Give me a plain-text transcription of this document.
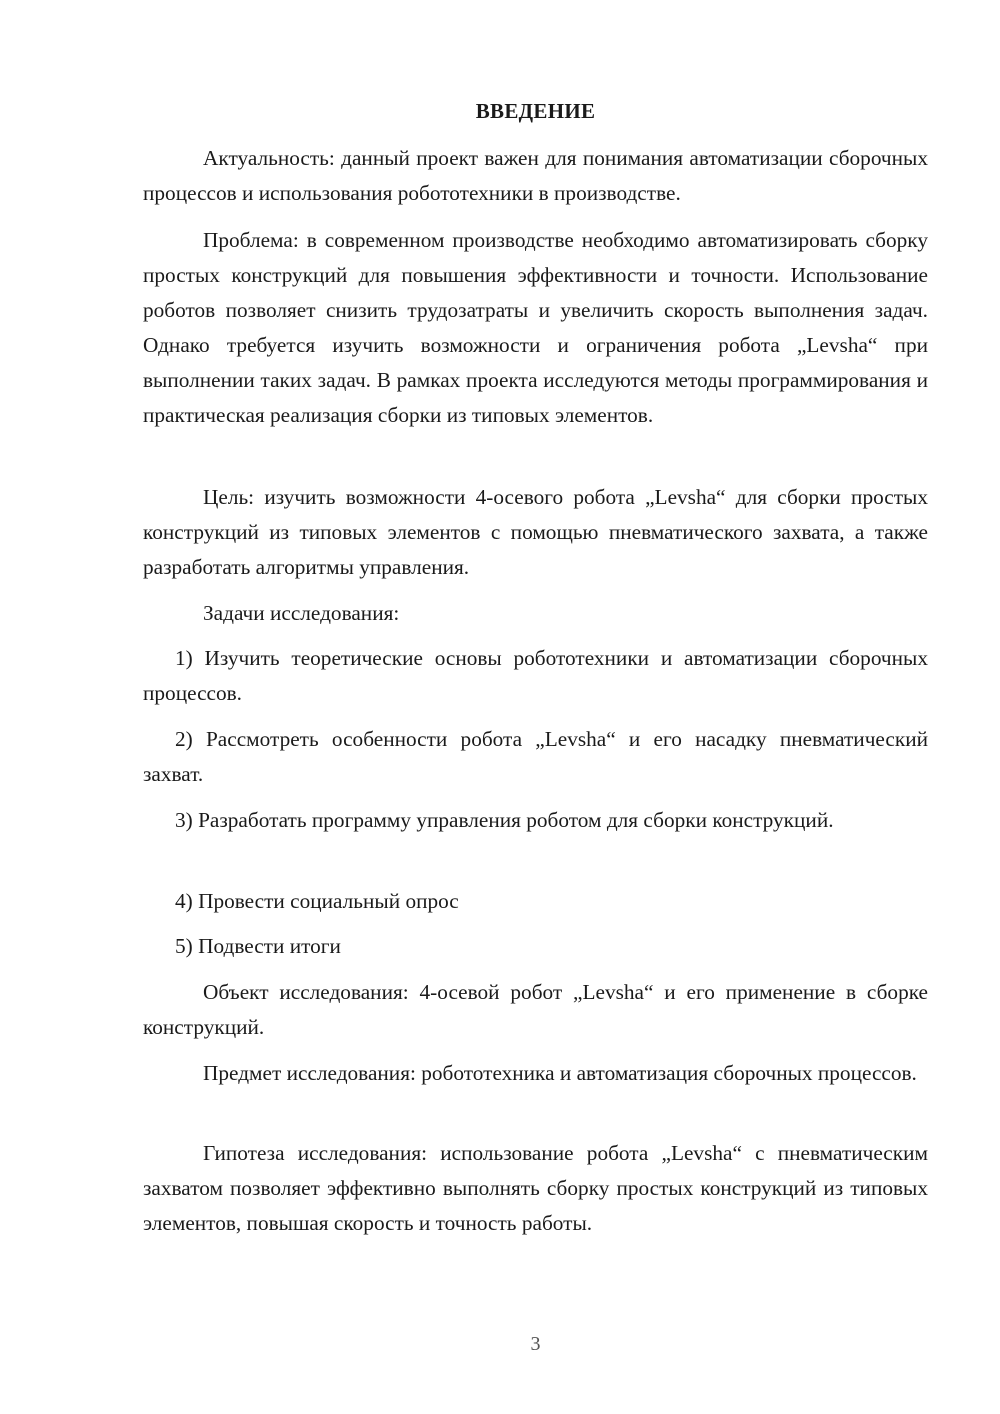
ВВЕДЕНИЕ

Актуальность: данный проект важен для понимания автоматизации сборочных процессов и использования робототехники в производстве.

Проблема: в современном производстве необходимо автоматизировать сборку простых конструкций для повышения эффективности и точности. Использование роботов позволяет снизить трудозатраты и увеличить скорость выполнения задач. Однако требуется изучить возможности и ограничения робота „Levsha“ при выполнении таких задач. В рамках проекта исследуются методы программирования и практическая реализация сборки из типовых элементов.

Цель: изучить возможности 4-осевого робота „Levsha“ для сборки простых конструкций из типовых элементов с помощью пневматического захвата, а также разработать алгоритмы управления.

Задачи исследования:

1) Изучить теоретические основы робототехники и автоматизации сборочных процессов.

2) Рассмотреть особенности робота „Levsha“ и его насадку пневматический захват.

3) Разработать программу управления роботом для сборки конструкций.

4) Провести социальный опрос

5) Подвести итоги

Объект исследования: 4-осевой робот „Levsha“ и его применение в сборке конструкций.

Предмет исследования: робототехника и автоматизация сборочных процессов.

Гипотеза исследования: использование робота „Levsha“ с пневматическим захватом позволяет эффективно выполнять сборку простых конструкций из типовых элементов, повышая скорость и точность работы.

3
